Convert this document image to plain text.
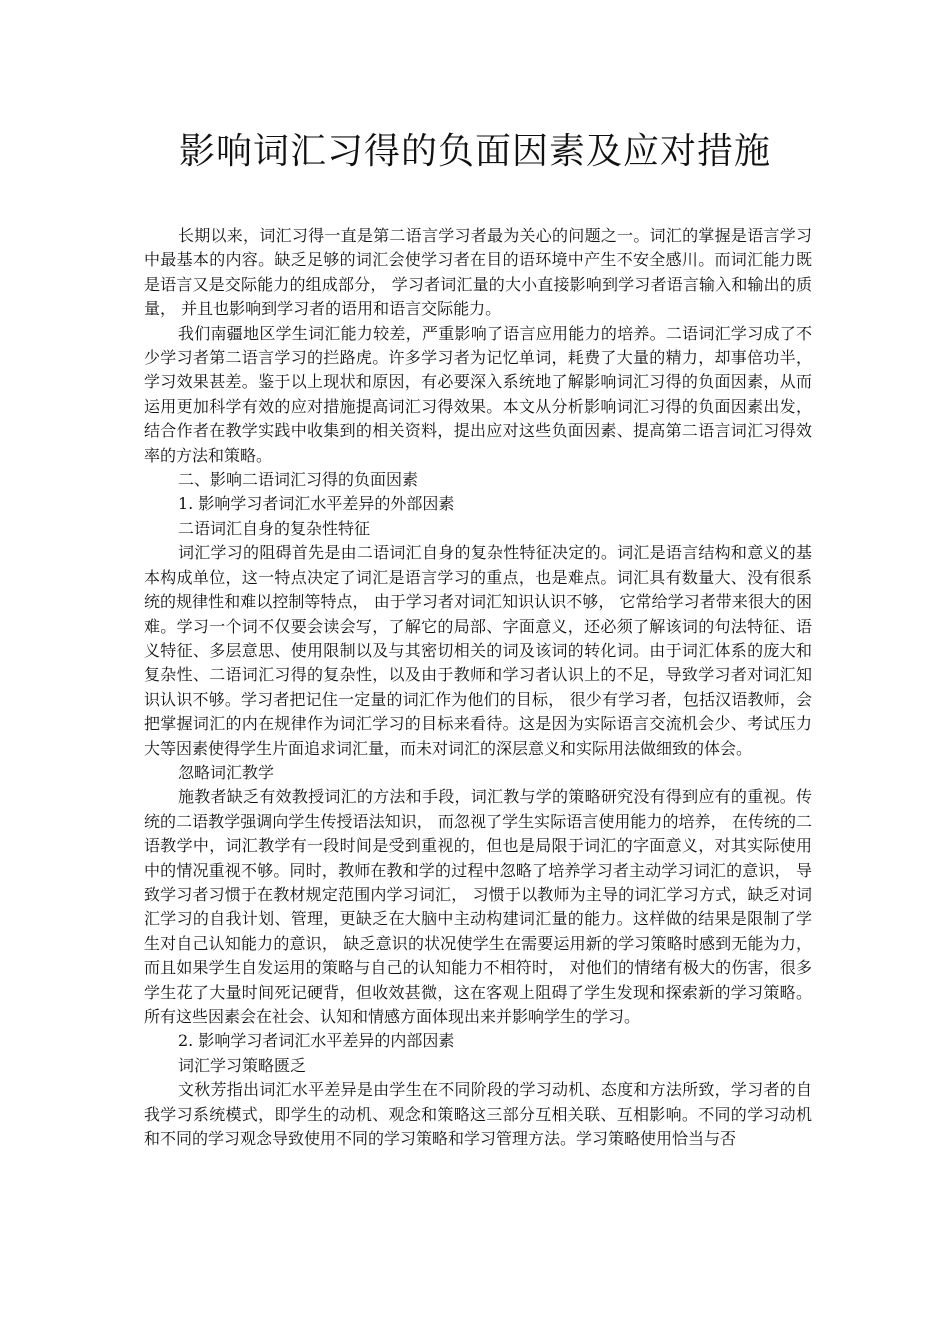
影响词汇习得的负面因素及应对措施

长期以来，词汇习得一直是第二语言学习者最为关心的问题之一。词汇的掌握是语言学习中最基本的内容。缺乏足够的词汇会使学习者在目的语环境中产生不安全感川。而词汇能力既是语言又是交际能力的组成部分， 学习者词汇量的大小直接影响到学习者语言输入和输出的质量， 并且也影响到学习者的语用和语言交际能力。

我们南疆地区学生词汇能力较差，严重影响了语言应用能力的培养。二语词汇学习成了不少学习者第二语言学习的拦路虎。许多学习者为记忆单词，耗费了大量的精力，却事倍功半，学习效果甚差。鉴于以上现状和原因，有必要深入系统地了解影响词汇习得的负面因素，从而运用更加科学有效的应对措施提高词汇习得效果。本文从分析影响词汇习得的负面因素出发，结合作者在教学实践中收集到的相关资料，提出应对这些负面因素、提高第二语言词汇习得效率的方法和策略。

二、影响二语词汇习得的负面因素

1. 影响学习者词汇水平差异的外部因素

二语词汇自身的复杂性特征

词汇学习的阻碍首先是由二语词汇自身的复杂性特征决定的。词汇是语言结构和意义的基本构成单位，这一特点决定了词汇是语言学习的重点，也是难点。词汇具有数量大、没有很系统的规律性和难以控制等特点， 由于学习者对词汇知识认识不够， 它常给学习者带来很大的困难。学习一个词不仅要会读会写，了解它的局部、字面意义，还必须了解该词的句法特征、语义特征、多层意思、使用限制以及与其密切相关的词及该词的转化词。由于词汇体系的庞大和复杂性、二语词汇习得的复杂性，以及由于教师和学习者认识上的不足，导致学习者对词汇知识认识不够。学习者把记住一定量的词汇作为他们的目标， 很少有学习者，包括汉语教师，会把掌握词汇的内在规律作为词汇学习的目标来看待。这是因为实际语言交流机会少、考试压力大等因素使得学生片面追求词汇量，而未对词汇的深层意义和实际用法做细致的体会。

忽略词汇教学

施教者缺乏有效教授词汇的方法和手段，词汇教与学的策略研究没有得到应有的重视。传统的二语教学强调向学生传授语法知识， 而忽视了学生实际语言使用能力的培养， 在传统的二语教学中，词汇教学有一段时间是受到重视的，但也是局限于词汇的字面意义，对其实际使用中的情况重视不够。同时，教师在教和学的过程中忽略了培养学习者主动学习词汇的意识， 导致学习者习惯于在教材规定范围内学习词汇， 习惯于以教师为主导的词汇学习方式，缺乏对词汇学习的自我计划、管理，更缺乏在大脑中主动构建词汇量的能力。这样做的结果是限制了学生对自己认知能力的意识， 缺乏意识的状况使学生在需要运用新的学习策略时感到无能为力， 而且如果学生自发运用的策略与自己的认知能力不相符时， 对他们的情绪有极大的伤害，很多学生花了大量时间死记硬背，但收效甚微，这在客观上阻碍了学生发现和探索新的学习策略。所有这些因素会在社会、认知和情感方面体现出来并影响学生的学习。

2. 影响学习者词汇水平差异的内部因素

词汇学习策略匮乏

文秋芳指出词汇水平差异是由学生在不同阶段的学习动机、态度和方法所致，学习者的自我学习系统模式，即学生的动机、观念和策略这三部分互相关联、互相影响。不同的学习动机和不同的学习观念导致使用不同的学习策略和学习管理方法。学习策略使用恰当与否
